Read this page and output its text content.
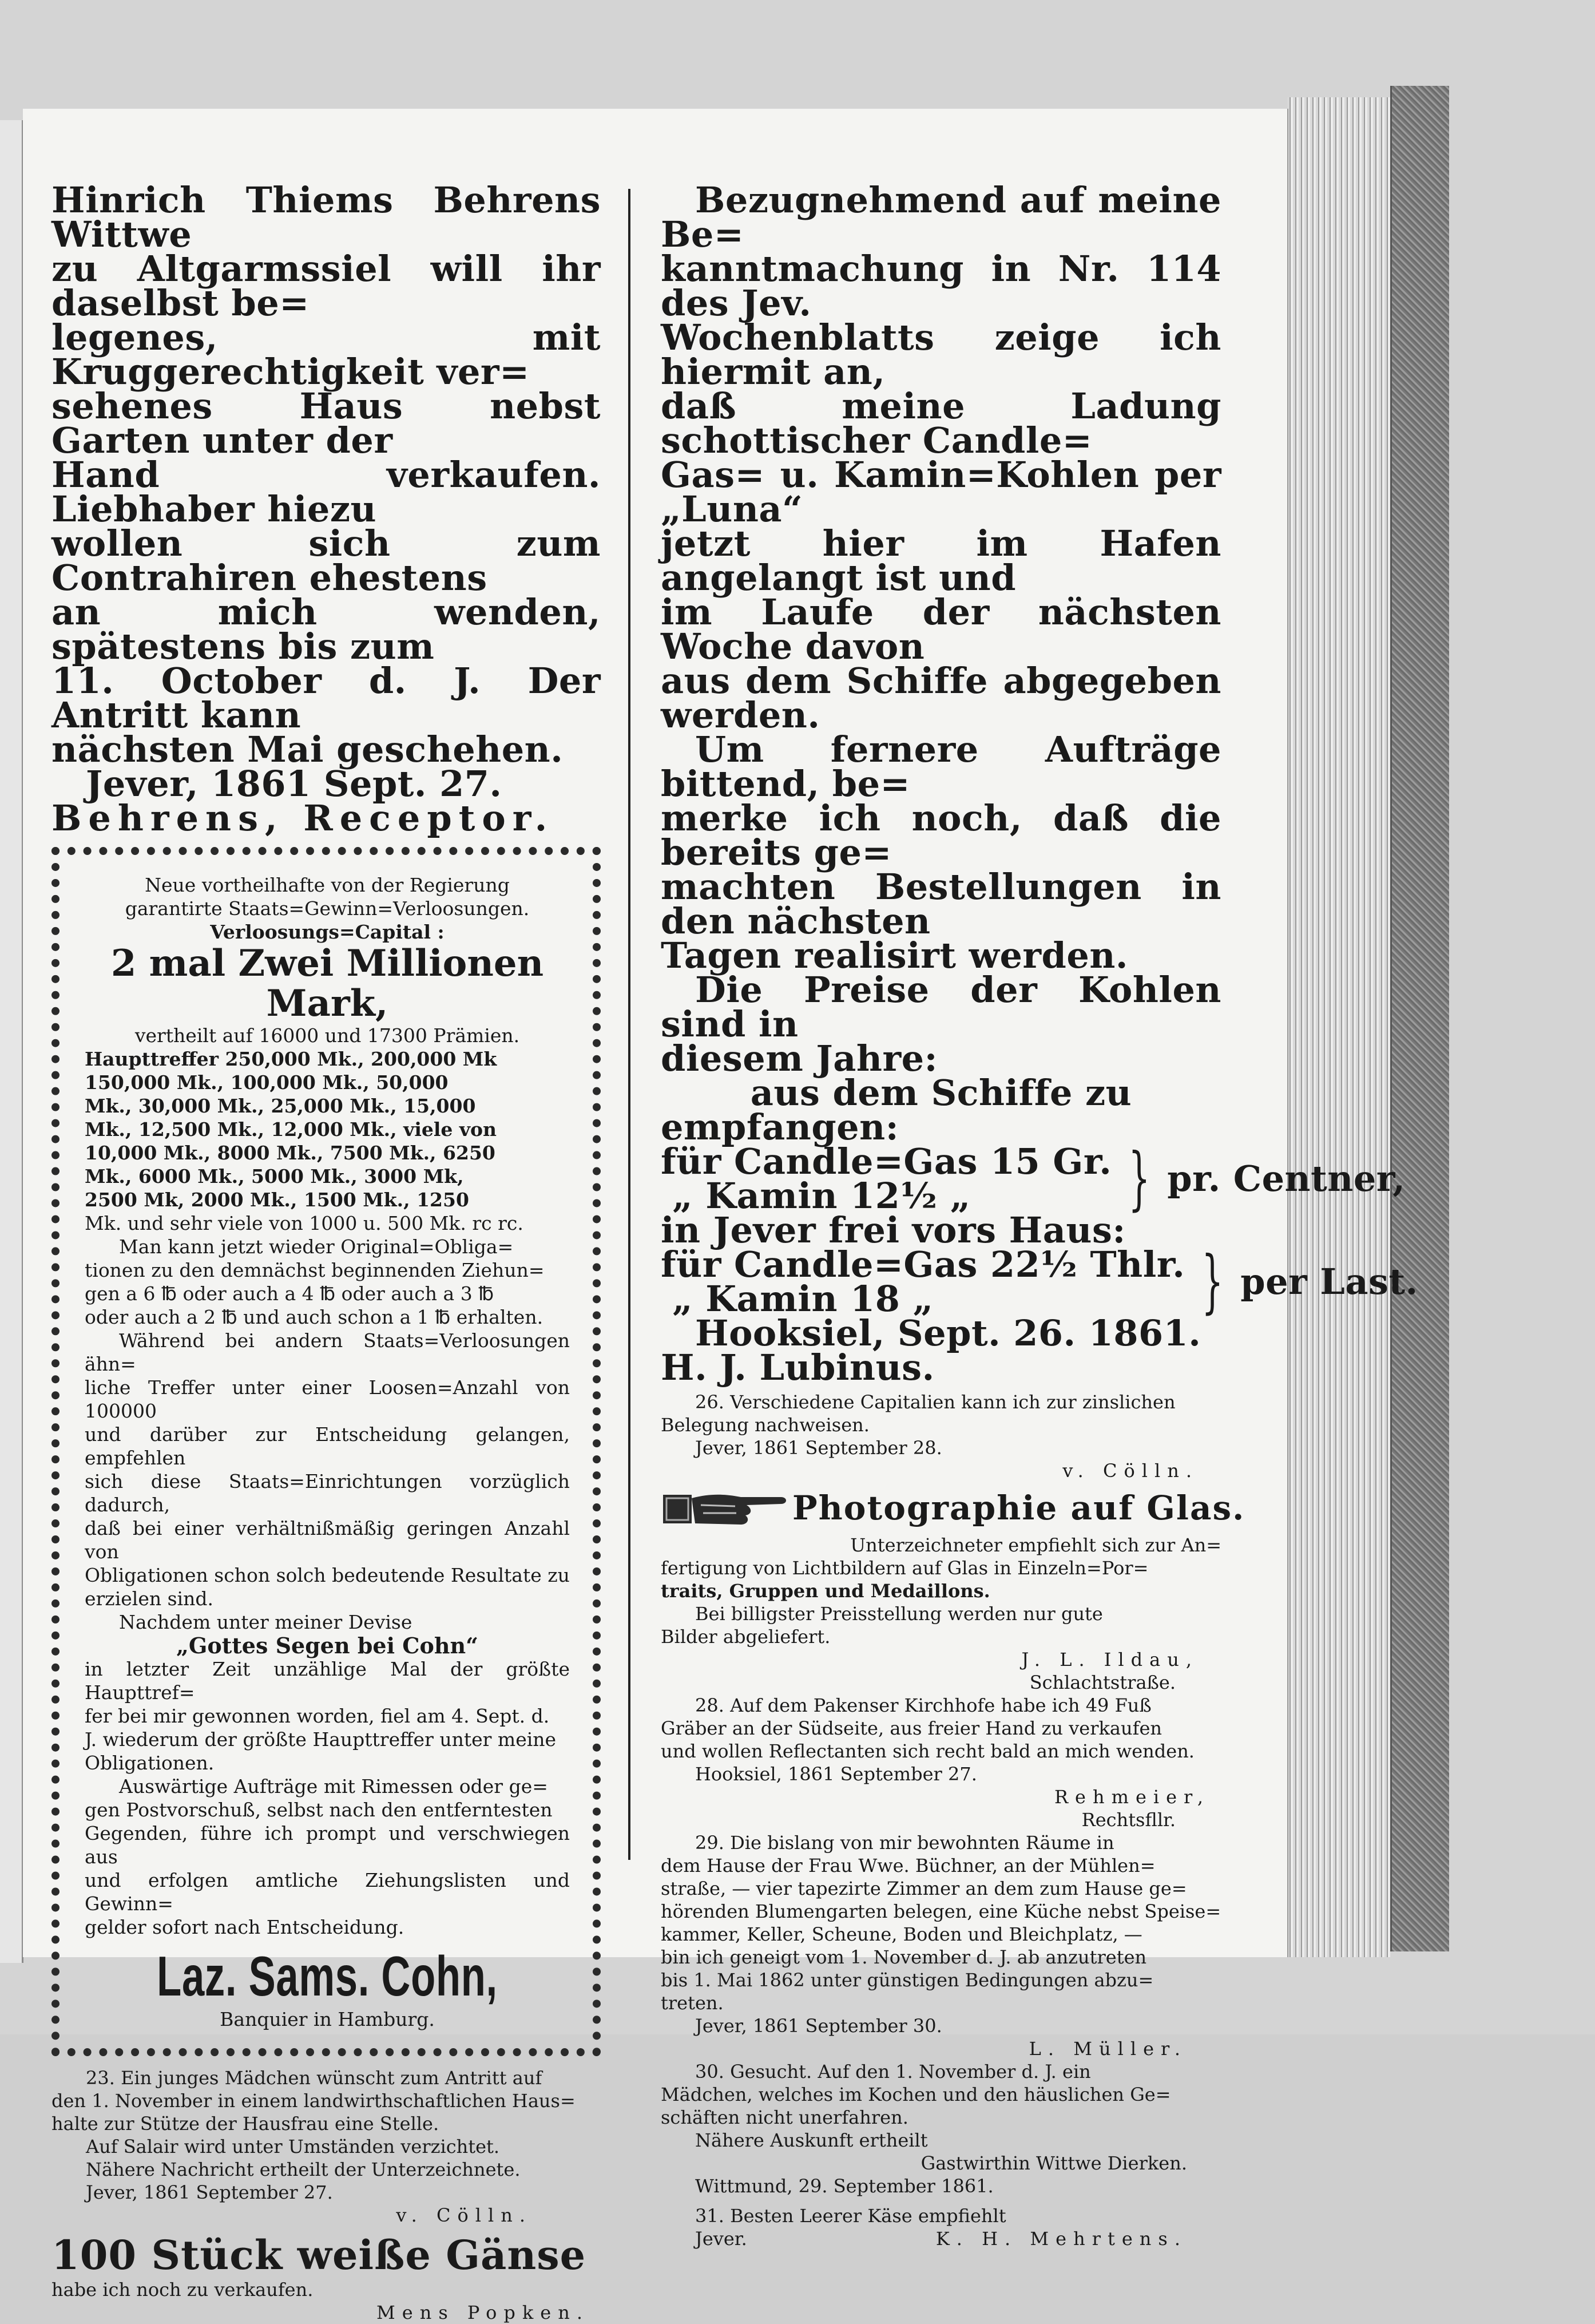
Hinrich Thiems Behrens Wittwe
zu Altgarmssiel will ihr daselbst be=
legenes, mit Kruggerechtigkeit ver=
sehenes Haus nebst Garten unter der
Hand verkaufen. Liebhaber hiezu
wollen sich zum Contrahiren ehestens
an mich wenden, spätestens bis zum
11. October d. J. Der Antritt kann
nächsten Mai geschehen.
Jever, 1861 Sept. 27.
Behrens, Receptor.
Neue vortheilhafte von der Regierung
garantirte Staats=Gewinn=Verloosungen.
Verloosungs=Capital :
2 mal Zwei Millionen Mark,
vertheilt auf 16000 und 17300 Prämien.
Haupttreffer 250,000 Mk., 200,000 Mk
150,000 Mk., 100,000 Mk., 50,000
Mk., 30,000 Mk., 25,000 Mk., 15,000
Mk., 12,500 Mk., 12,000 Mk., viele von
10,000 Mk., 8000 Mk., 7500 Mk., 6250
Mk., 6000 Mk., 5000 Mk., 3000 Mk,
2500 Mk, 2000 Mk., 1500 Mk., 1250
Mk. und sehr viele von 1000 u. 500 Mk. rc rc.
Man kann jetzt wieder Original=Obliga=
tionen zu den demnächst beginnenden Ziehun=
gen a 6 ℔ oder auch a 4 ℔ oder auch a 3 ℔
oder auch a 2 ℔ und auch schon a 1 ℔ erhalten.
Während bei andern Staats=Verloosungen ähn=
liche Treffer unter einer Loosen=Anzahl von 100000
und darüber zur Entscheidung gelangen, empfehlen
sich diese Staats=Einrichtungen vorzüglich dadurch,
daß bei einer verhältnißmäßig geringen Anzahl von
Obligationen schon solch bedeutende Resultate zu
erzielen sind.
Nachdem unter meiner Devise
„Gottes Segen bei Cohn“
in letzter Zeit unzählige Mal der größte Haupttref=
fer bei mir gewonnen worden, fiel am 4. Sept. d.
J. wiederum der größte Haupttreffer unter meine
Obligationen.
Auswärtige Aufträge mit Rimessen oder ge=
gen Postvorschuß, selbst nach den entferntesten
Gegenden, führe ich prompt und verschwiegen aus
und erfolgen amtliche Ziehungslisten und Gewinn=
gelder sofort nach Entscheidung.
Laz. Sams. Cohn,
Banquier in Hamburg.
23. Ein junges Mädchen wünscht zum Antritt auf
den 1. November in einem landwirthschaftlichen Haus=
halte zur Stütze der Hausfrau eine Stelle.
Auf Salair wird unter Umständen verzichtet.
Nähere Nachricht ertheilt der Unterzeichnete.
Jever, 1861 September 27.
v. Cölln.
100 Stück weiße Gänse
habe ich noch zu verkaufen.
Mens Popken.
Bezugnehmend auf meine Be=
kanntmachung in Nr. 114 des Jev.
Wochenblatts zeige ich hiermit an,
daß meine Ladung schottischer Candle=
Gas= u. Kamin=Kohlen per „Luna“
jetzt hier im Hafen angelangt ist und
im Laufe der nächsten Woche davon
aus dem Schiffe abgegeben werden.
Um fernere Aufträge bittend, be=
merke ich noch, daß die bereits ge=
machten Bestellungen in den nächsten
Tagen realisirt werden.
Die Preise der Kohlen sind in
diesem Jahre:
aus dem Schiffe zu empfangen:
für Candle=Gas 15 Gr.
„ Kamin 12½ „	} pr. Centner,
in Jever frei vors Haus:
für Candle=Gas 22½ Thlr.
„ Kamin 18 „	} per Last.
Hooksiel, Sept. 26. 1861.
H. J. Lubinus.
26. Verschiedene Capitalien kann ich zur zinslichen
Belegung nachweisen.
Jever, 1861 September 28.
v. Cölln.
Photographie auf Glas.
Unterzeichneter empfiehlt sich zur An=
fertigung von Lichtbildern auf Glas in Einzeln=Por=
traits, Gruppen und Medaillons.
Bei billigster Preisstellung werden nur gute
Bilder abgeliefert.
J. L. Ildau,
Schlachtstraße.
28. Auf dem Pakenser Kirchhofe habe ich 49 Fuß
Gräber an der Südseite, aus freier Hand zu verkaufen
und wollen Reflectanten sich recht bald an mich wenden.
Hooksiel, 1861 September 27.
Rehmeier,
Rechtsfllr.
29. Die bislang von mir bewohnten Räume in
dem Hause der Frau Wwe. Büchner, an der Mühlen=
straße, — vier tapezirte Zimmer an dem zum Hause ge=
hörenden Blumengarten belegen, eine Küche nebst Speise=
kammer, Keller, Scheune, Boden und Bleichplatz, —
bin ich geneigt vom 1. November d. J. ab anzutreten
bis 1. Mai 1862 unter günstigen Bedingungen abzu=
treten.
Jever, 1861 September 30.
L. Müller.
30. Gesucht. Auf den 1. November d. J. ein
Mädchen, welches im Kochen und den häuslichen Ge=
schäften nicht unerfahren.
Nähere Auskunft ertheilt
Gastwirthin Wittwe Dierken.
Wittmund, 29. September 1861.
31. Besten Leerer Käse empfiehlt
Jever.	K. H. Mehrtens.
